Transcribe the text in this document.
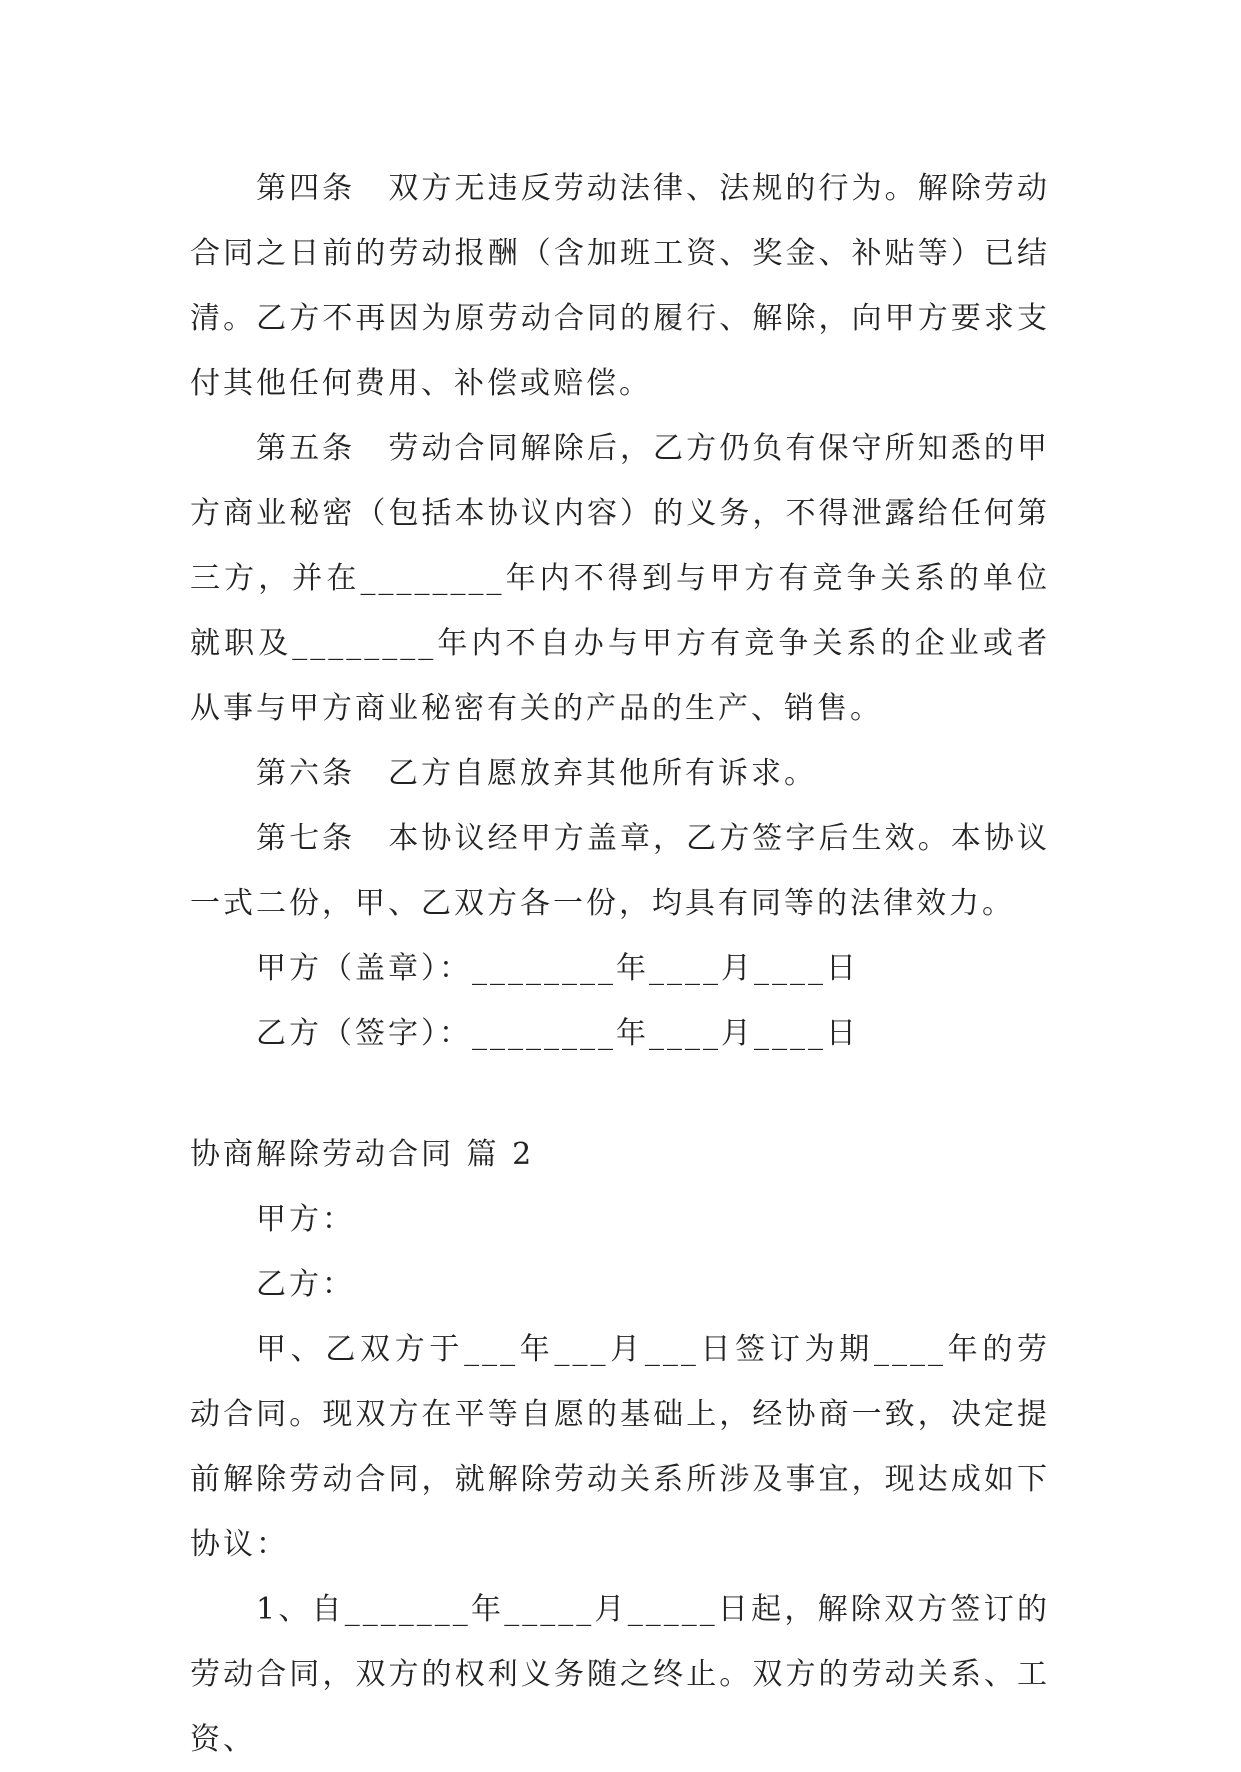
第四条　双方无违反劳动法律、法规的行为。解除劳动合同之日前的劳动报酬（含加班工资、奖金、补贴等）已结清。乙方不再因为原劳动合同的履行、解除，向甲方要求支付其他任何费用、补偿或赔偿。

第五条　劳动合同解除后，乙方仍负有保守所知悉的甲方商业秘密（包括本协议内容）的义务，不得泄露给任何第三方，并在________年内不得到与甲方有竞争关系的单位就职及________年内不自办与甲方有竞争关系的企业或者从事与甲方商业秘密有关的产品的生产、销售。

第六条　乙方自愿放弃其他所有诉求。

第七条　本协议经甲方盖章，乙方签字后生效。本协议一式二份，甲、乙双方各一份，均具有同等的法律效力。

甲方（盖章）：________年____月____日

乙方（签字）：________年____月____日

协商解除劳动合同 篇 2

甲方：

乙方：

甲、乙双方于___年___月___日签订为期____年的劳动合同。现双方在平等自愿的基础上，经协商一致，决定提前解除劳动合同，就解除劳动关系所涉及事宜，现达成如下协议：

1、自_______年_____月_____日起，解除双方签订的劳动合同，双方的权利义务随之终止。双方的劳动关系、工资、
